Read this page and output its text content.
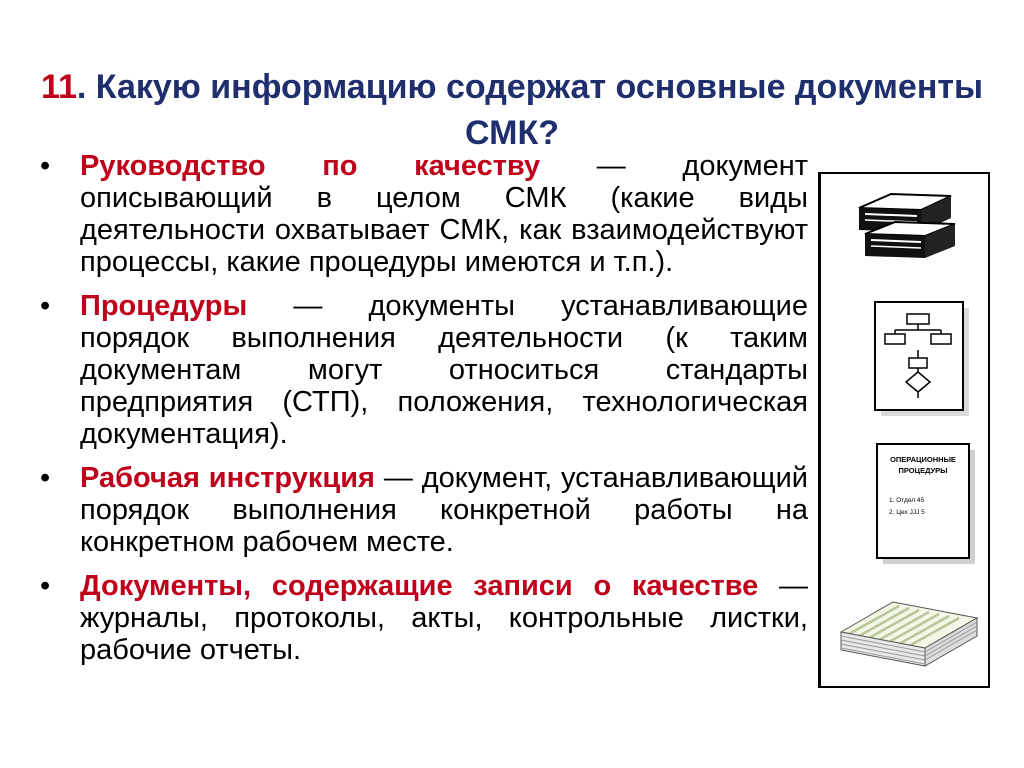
11. Какую информацию содержат основные документы СМК?
• Руководство по качеству — документ описывающий в целом СМК (какие виды деятельности охватывает СМК, как взаимодействуют процессы, какие процедуры имеются и т.п.).
• Процедуры — документы устанавливающие порядок выполнения деятельности (к таким документам могут относиться стандарты предприятия (СТП), положения, технологическая документация).
• Рабочая инструкция — документ, устанавливающий порядок выполнения конкретной работы на конкретном рабочем месте.
• Документы, содержащие записи о качестве — журналы, протоколы, акты, контрольные листки, рабочие отчеты.
ОПЕРАЦИОННЫЕ
ПРОЦЕДУРЫ
1. Отдел 45
2. Цех JJJ 5
